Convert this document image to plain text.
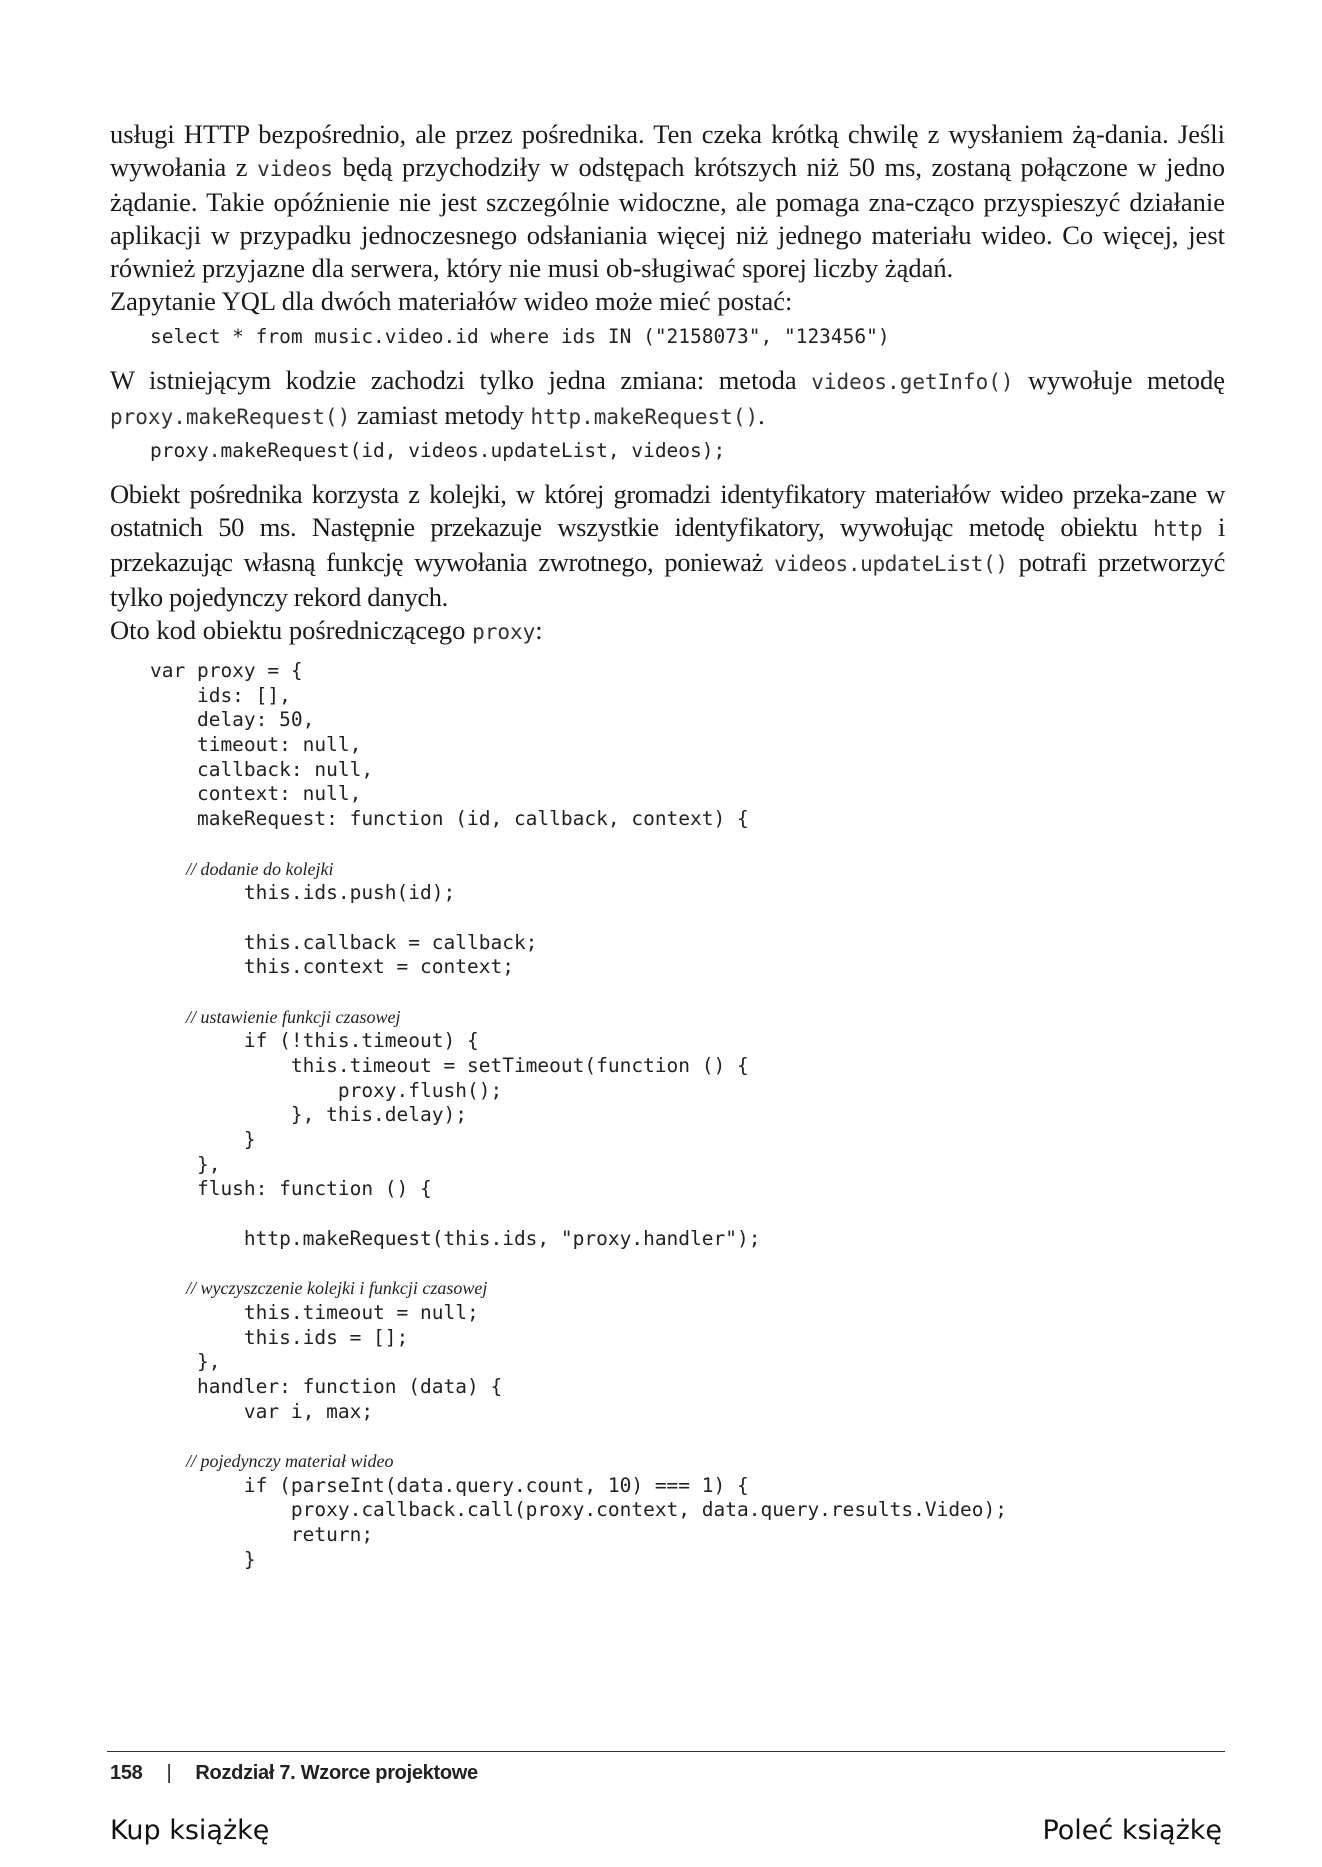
usługi HTTP bezpośrednio, ale przez pośrednika. Ten czeka krótką chwilę z wysłaniem żą-dania. Jeśli wywołania z videos będą przychodziły w odstępach krótszych niż 50 ms, zostaną połączone w jedno żądanie. Takie opóźnienie nie jest szczególnie widoczne, ale pomaga zna-cząco przyspieszyć działanie aplikacji w przypadku jednoczesnego odsłaniania więcej niż jednego materiału wideo. Co więcej, jest również przyjazne dla serwera, który nie musi ob-sługiwać sporej liczby żądań.

Zapytanie YQL dla dwóch materiałów wideo może mieć postać:

select * from music.video.id where ids IN ("2158073", "123456")

W istniejącym kodzie zachodzi tylko jedna zmiana: metoda videos.getInfo() wywołuje metodę proxy.makeRequest() zamiast metody http.makeRequest().

proxy.makeRequest(id, videos.updateList, videos);

Obiekt pośrednika korzysta z kolejki, w której gromadzi identyfikatory materiałów wideo przeka-zane w ostatnich 50 ms. Następnie przekazuje wszystkie identyfikatory, wywołując metodę obiektu http i przekazując własną funkcję wywołania zwrotnego, ponieważ videos.updateList() potrafi przetworzyć tylko pojedynczy rekord danych.

Oto kod obiektu pośredniczącego proxy:

var proxy = {
ids: [],
delay: 50,
timeout: null,
callback: null,
context: null,
makeRequest: function (id, callback, context) {
// dodanie do kolejki
this.ids.push(id);
this.callback = callback;
this.context = context;
// ustawienie funkcji czasowej
if (!this.timeout) {
this.timeout = setTimeout(function () {
proxy.flush();
}, this.delay);
}
},
flush: function () {
http.makeRequest(this.ids, "proxy.handler");
// wyczyszczenie kolejki i funkcji czasowej
this.timeout = null;
this.ids = [];
},
handler: function (data) {
var i, max;
// pojedynczy materiał wideo
if (parseInt(data.query.count, 10) === 1) {
proxy.callback.call(proxy.context, data.query.results.Video);
return;
}
158 | Rozdział 7. Wzorce projektowe
Kup książkę	Poleć książkę
